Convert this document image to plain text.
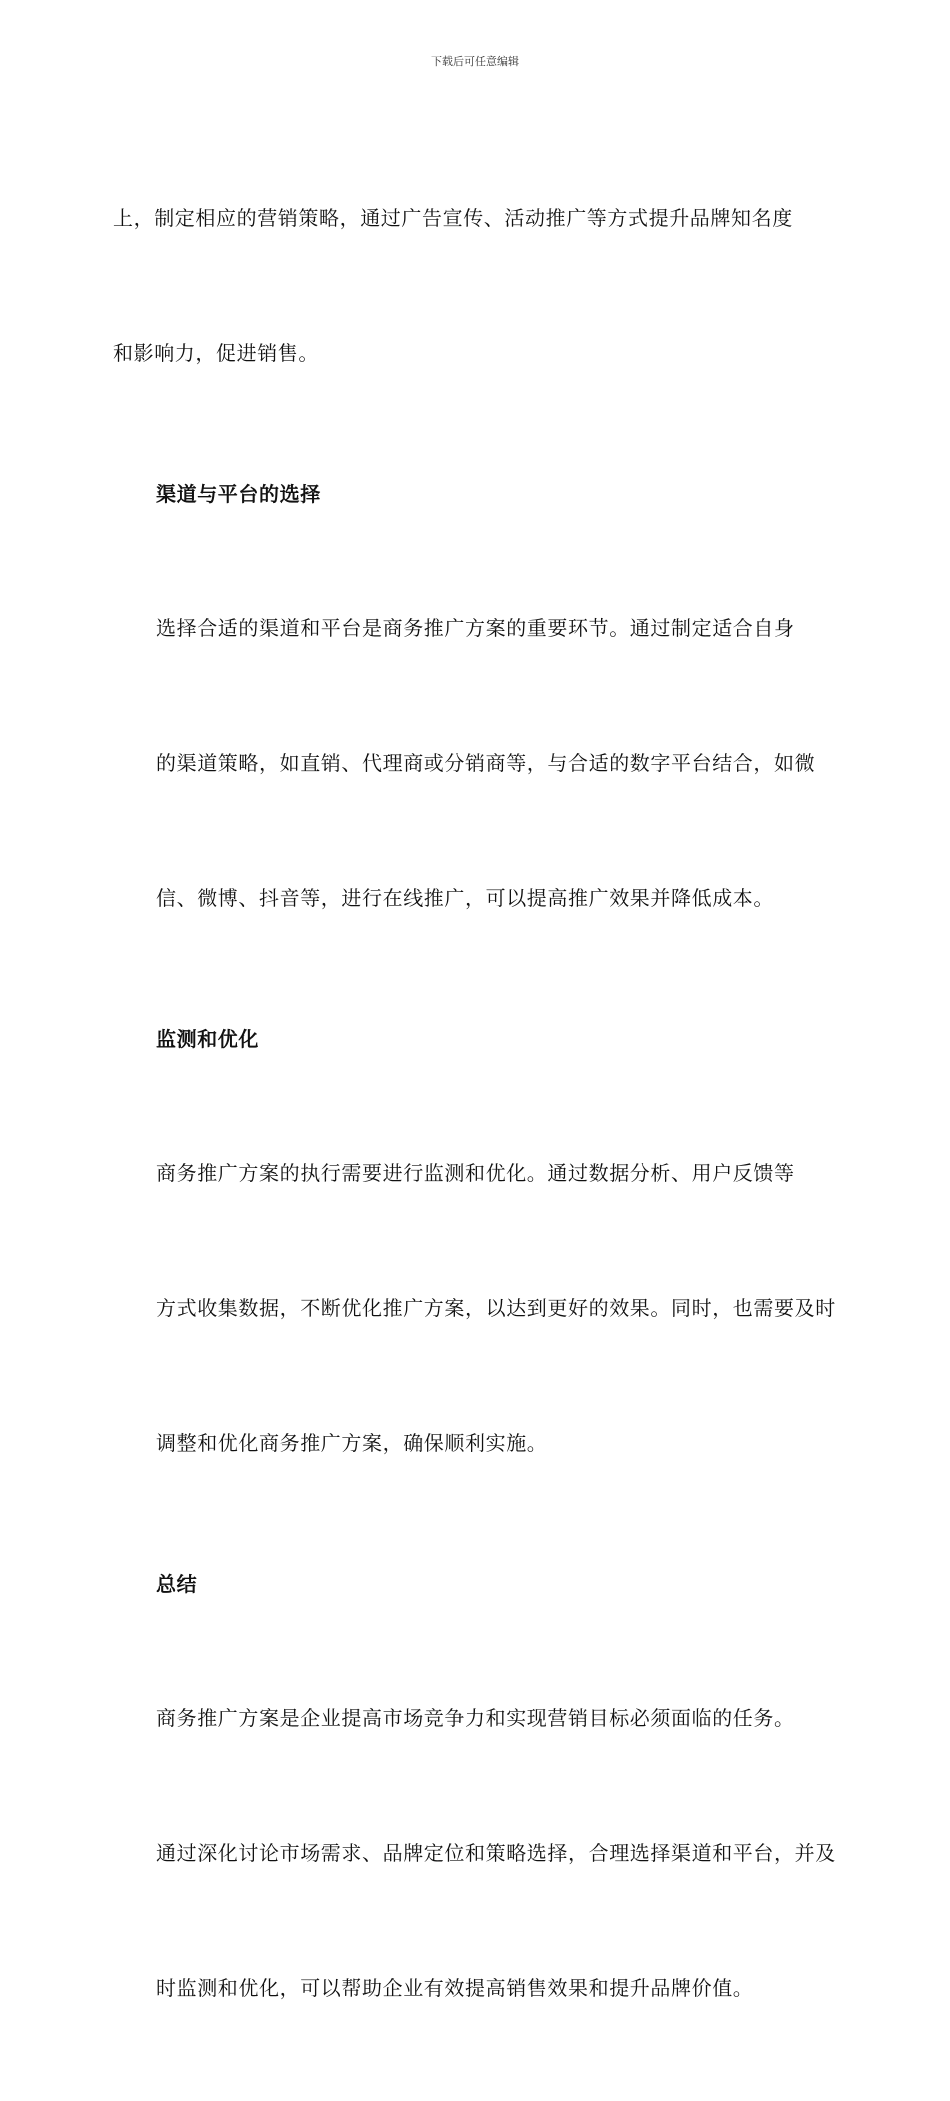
下载后可任意编辑

上，制定相应的营销策略，通过广告宣传、活动推广等方式提升品牌知名度

和影响力，促进销售。

渠道与平台的选择

选择合适的渠道和平台是商务推广方案的重要环节。通过制定适合自身

的渠道策略，如直销、代理商或分销商等，与合适的数字平台结合，如微

信、微博、抖音等，进行在线推广，可以提高推广效果并降低成本。

监测和优化

商务推广方案的执行需要进行监测和优化。通过数据分析、用户反馈等

方式收集数据，不断优化推广方案，以达到更好的效果。同时，也需要及时

调整和优化商务推广方案，确保顺利实施。

总结

商务推广方案是企业提高市场竞争力和实现营销目标必须面临的任务。

通过深化讨论市场需求、品牌定位和策略选择，合理选择渠道和平台，并及

时监测和优化，可以帮助企业有效提高销售效果和提升品牌价值。
